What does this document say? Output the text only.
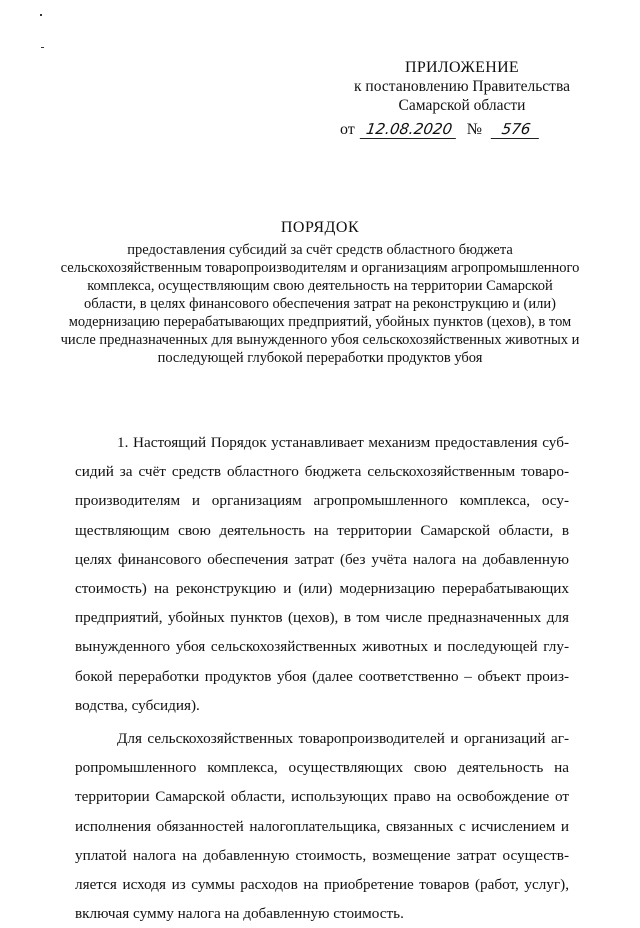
ПРИЛОЖЕНИЕ
к постановлению Правительства
Самарской области
от 12.08.2020 № 576
ПОРЯДОК
предоставления субсидий за счёт средств областного бюджета сельскохозяйственным товаропроизводителям и организациям агропромышленного комплекса, осуществляющим свою деятельность на территории Самарской области, в целях финансового обеспечения затрат на реконструкцию и (или) модернизацию перерабатывающих предприятий, убойных пунктов (цехов), в том числе предназначенных для вынужденного убоя сельскохозяйственных животных и последующей глубокой переработки продуктов убоя

1. Настоящий Порядок устанавливает механизм предоставления субсидий за счёт средств областного бюджета сельскохозяйственным товаропроизводителям и организациям агропромышленного комплекса, осуществляющим свою деятельность на территории Самарской области, в целях финансового обеспечения затрат (без учёта налога на добавленную стоимость) на реконструкцию и (или) модернизацию перерабатывающих предприятий, убойных пунктов (цехов), в том числе предназначенных для вынужденного убоя сельскохозяйственных животных и последующей глубокой переработки продуктов убоя (далее соответственно – объект производства, субсидия).

Для сельскохозяйственных товаропроизводителей и организаций агропромышленного комплекса, осуществляющих свою деятельность на территории Самарской области, использующих право на освобождение от исполнения обязанностей налогоплательщика, связанных с исчислением и уплатой налога на добавленную стоимость, возмещение затрат осуществляется исходя из суммы расходов на приобретение товаров (работ, услуг), включая сумму налога на добавленную стоимость.
